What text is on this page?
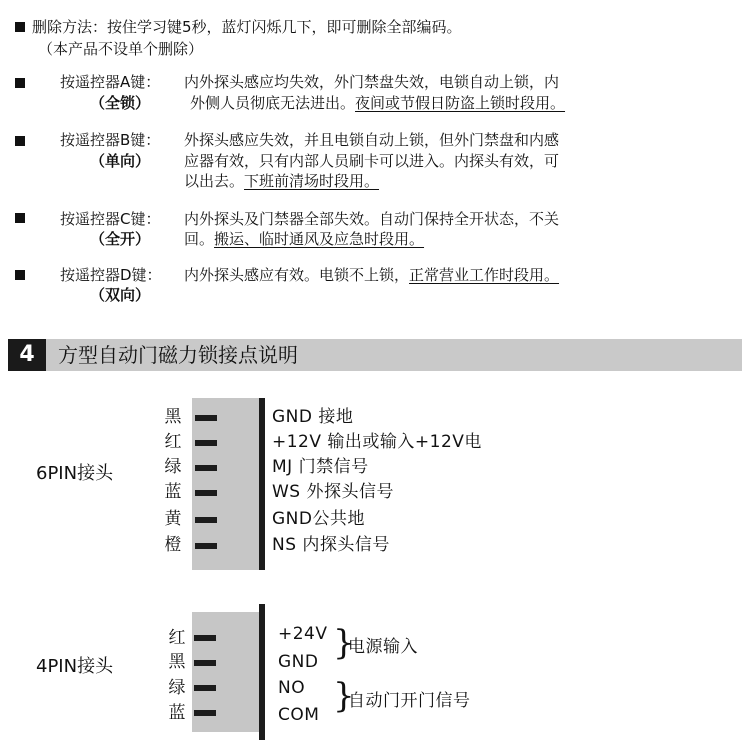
删除方法：按住学习键5秒，蓝灯闪烁几下，即可删除全部编码。
（本产品不设单个删除）
按遥控器A键：
（全锁）
内外探头感应均失效，外门禁盘失效，电锁自动上锁，内
外侧人员彻底无法进出。夜间或节假日防盗上锁时段用。
按遥控器B键：
（单向）
外探头感应失效，并且电锁自动上锁，但外门禁盘和内感
应器有效，只有内部人员刷卡可以进入。内探头有效，可
以出去。下班前清场时段用。
按遥控器C键：
（全开）
内外探头及门禁器全部失效。自动门保持全开状态，不关
回。搬运、临时通风及应急时段用。
按遥控器D键：
（双向）
内外探头感应有效。电锁不上锁，正常营业工作时段用。
4	方型自动门磁力锁接点说明
6PIN接头
黑	GND 接地
红	+12V 输出或输入+12V电
绿	MJ 门禁信号
蓝	WS 外探头信号
黄	GND公共地
橙	NS 内探头信号
4PIN接头
红	+24V
黑	GND
绿	NO
蓝	COM
}
电源输入
}
自动门开门信号
